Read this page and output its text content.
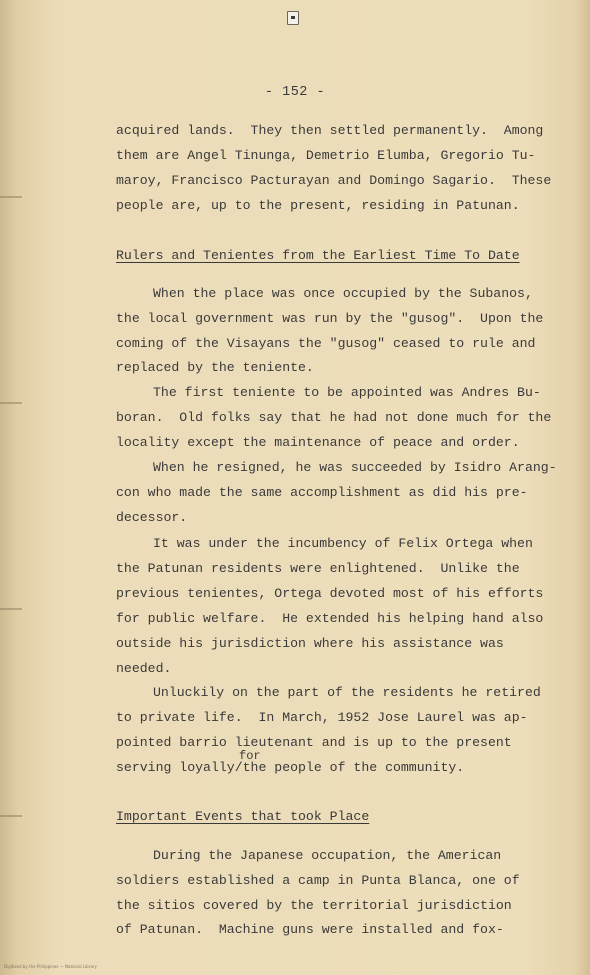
- 152 -
acquired lands.  They then settled permanently.  Among
them are Angel Tinunga, Demetrio Elumba, Gregorio Tu-
maroy, Francisco Pacturayan and Domingo Sagario.  These
people are, up to the present, residing in Patunan.
Rulers and Tenientes from the Earliest Time To Date
When the place was once occupied by the Subanos,
the local government was run by the "gusog".  Upon the
coming of the Visayans the "gusog" ceased to rule and
replaced by the teniente.
The first teniente to be appointed was Andres Bu-
boran.  Old folks say that he had not done much for the
locality except the maintenance of peace and order.
When he resigned, he was succeeded by Isidro Arang-
con who made the same accomplishment as did his pre-
decessor.
It was under the incumbency of Felix Ortega when
the Patunan residents were enlightened.  Unlike the
previous tenientes, Ortega devoted most of his efforts
for public welfare.  He extended his helping hand also
outside his jurisdiction where his assistance was
needed.
Unluckily on the part of the residents he retired
to private life.  In March, 1952 Jose Laurel was ap-
pointed barrio lieutenant and is up to the present
for
serving loyally/the people of the community.
Important Events that took Place
During the Japanese occupation, the American
soldiers established a camp in Punta Blanca, one of
the sitios covered by the territorial jurisdiction
of Patunan.  Machine guns were installed and fox-
Digitized by the Philippines — National Library
